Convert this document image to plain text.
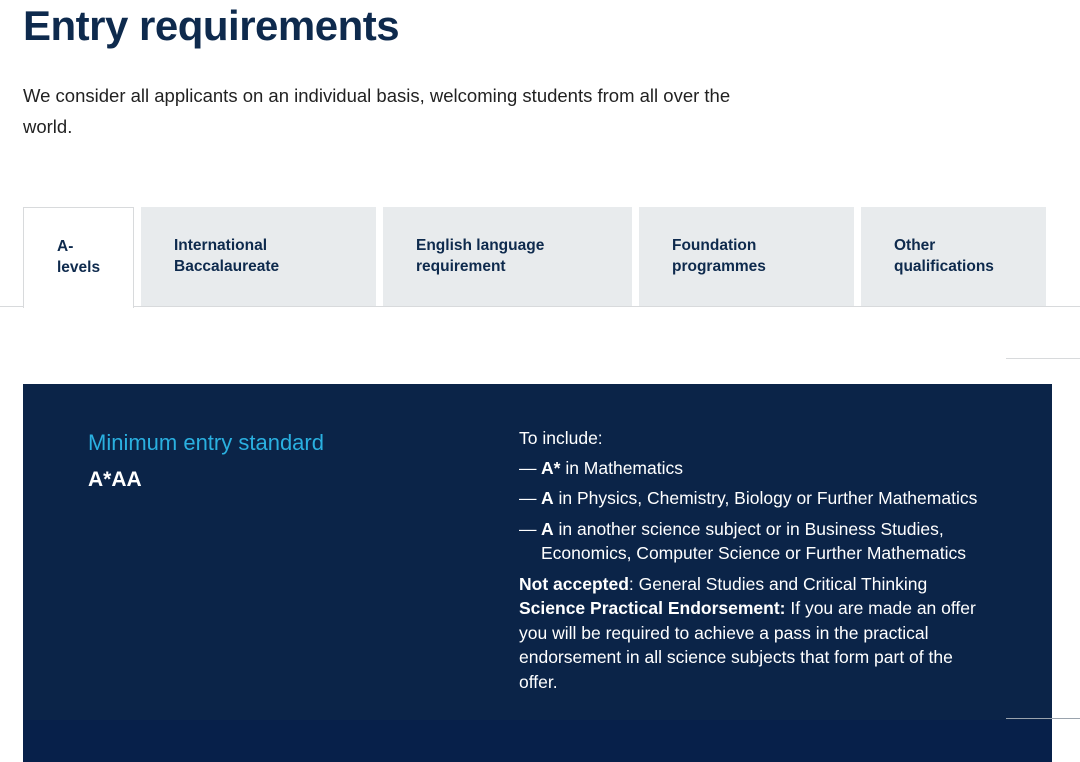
Entry requirements

We consider all applicants on an individual basis, welcoming students from all over the world.

A-
levels
International
Baccalaureate
English language
requirement
Foundation
programmes
Other
qualifications
Minimum entry standard
A*AA

To include:

— A* in Mathematics
— A in Physics, Chemistry, Biology or Further Mathematics
— A in another science subject or in Business Studies, Economics, Computer Science or Further Mathematics

Not accepted: General Studies and Critical Thinking

Science Practical Endorsement: If you are made an offer you will be required to achieve a pass in the practical endorsement in all science subjects that form part of the offer.
